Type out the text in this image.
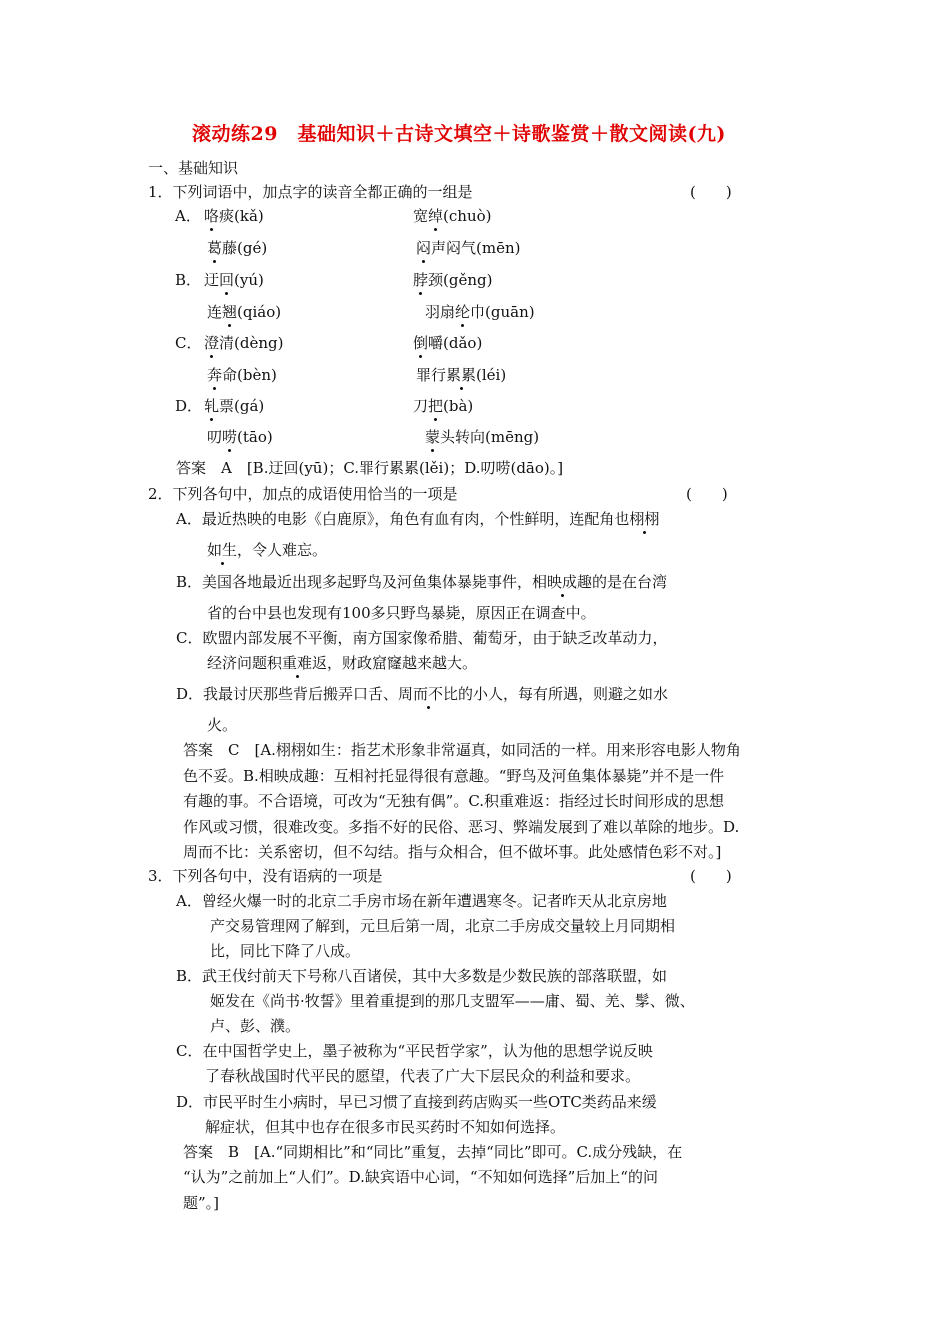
滚动练29　基础知识＋古诗文填空＋诗歌鉴赏＋散文阅读(九)
一、基础知识
1．下列词语中，加点字的读音全都正确的一组是	(　　)
A． 咯痰(kǎ)	宽绰(chuò)
葛藤(gé)	闷声闷气(mēn)
B． 迂回(yú)	脖颈(gěng)
连翘(qiáo)	羽扇纶巾(guān)
C． 澄清(dèng)	倒嚼(dǎo)
奔命(bèn)	罪行累累(léi)
D． 轧票(gá)	刀把(bà)
叨唠(tāo)	蒙头转向(mēng)
答案　A　[B.迂回(yū)；C.罪行累累(lěi)；D.叨唠(dāo)。]
2．下列各句中，加点的成语使用恰当的一项是	(　　)
A．最近热映的电影《白鹿原》，角色有血有肉，个性鲜明，连配角也栩栩
如生，令人难忘。
B．美国各地最近出现多起野鸟及河鱼集体暴毙事件，相映成趣的是在台湾
省的台中县也发现有100多只野鸟暴毙，原因正在调查中。
C．欧盟内部发展不平衡，南方国家像希腊、葡萄牙，由于缺乏改革动力，
经济问题积重难返，财政窟窿越来越大。
D．我最讨厌那些背后搬弄口舌、周而不比的小人，每有所遇，则避之如水
火。
答案　C　[A.栩栩如生：指艺术形象非常逼真，如同活的一样。用来形容电影人物角
色不妥。B.相映成趣：互相衬托显得很有意趣。“野鸟及河鱼集体暴毙”并不是一件
有趣的事。不合语境，可改为“无独有偶”。C.积重难返：指经过长时间形成的思想
作风或习惯，很难改变。多指不好的民俗、恶习、弊端发展到了难以革除的地步。D.
周而不比：关系密切，但不勾结。指与众相合，但不做坏事。此处感情色彩不对。]
3．下列各句中，没有语病的一项是	(　　)
A．曾经火爆一时的北京二手房市场在新年遭遇寒冬。记者昨天从北京房地
产交易管理网了解到，元旦后第一周，北京二手房成交量较上月同期相
比，同比下降了八成。
B．武王伐纣前天下号称八百诸侯，其中大多数是少数民族的部落联盟，如
姬发在《尚书·牧誓》里着重提到的那几支盟军——庸、蜀、羌、髳、微、
卢、彭、濮。
C．在中国哲学史上，墨子被称为“平民哲学家”，认为他的思想学说反映
了春秋战国时代平民的愿望，代表了广大下层民众的利益和要求。
D．市民平时生小病时，早已习惯了直接到药店购买一些OTC类药品来缓
解症状，但其中也存在很多市民买药时不知如何选择。
答案　B　[A.“同期相比”和“同比”重复，去掉“同比”即可。C.成分残缺，在
“认为”之前加上“人们”。D.缺宾语中心词，“不知如何选择”后加上“的问
题”。]
